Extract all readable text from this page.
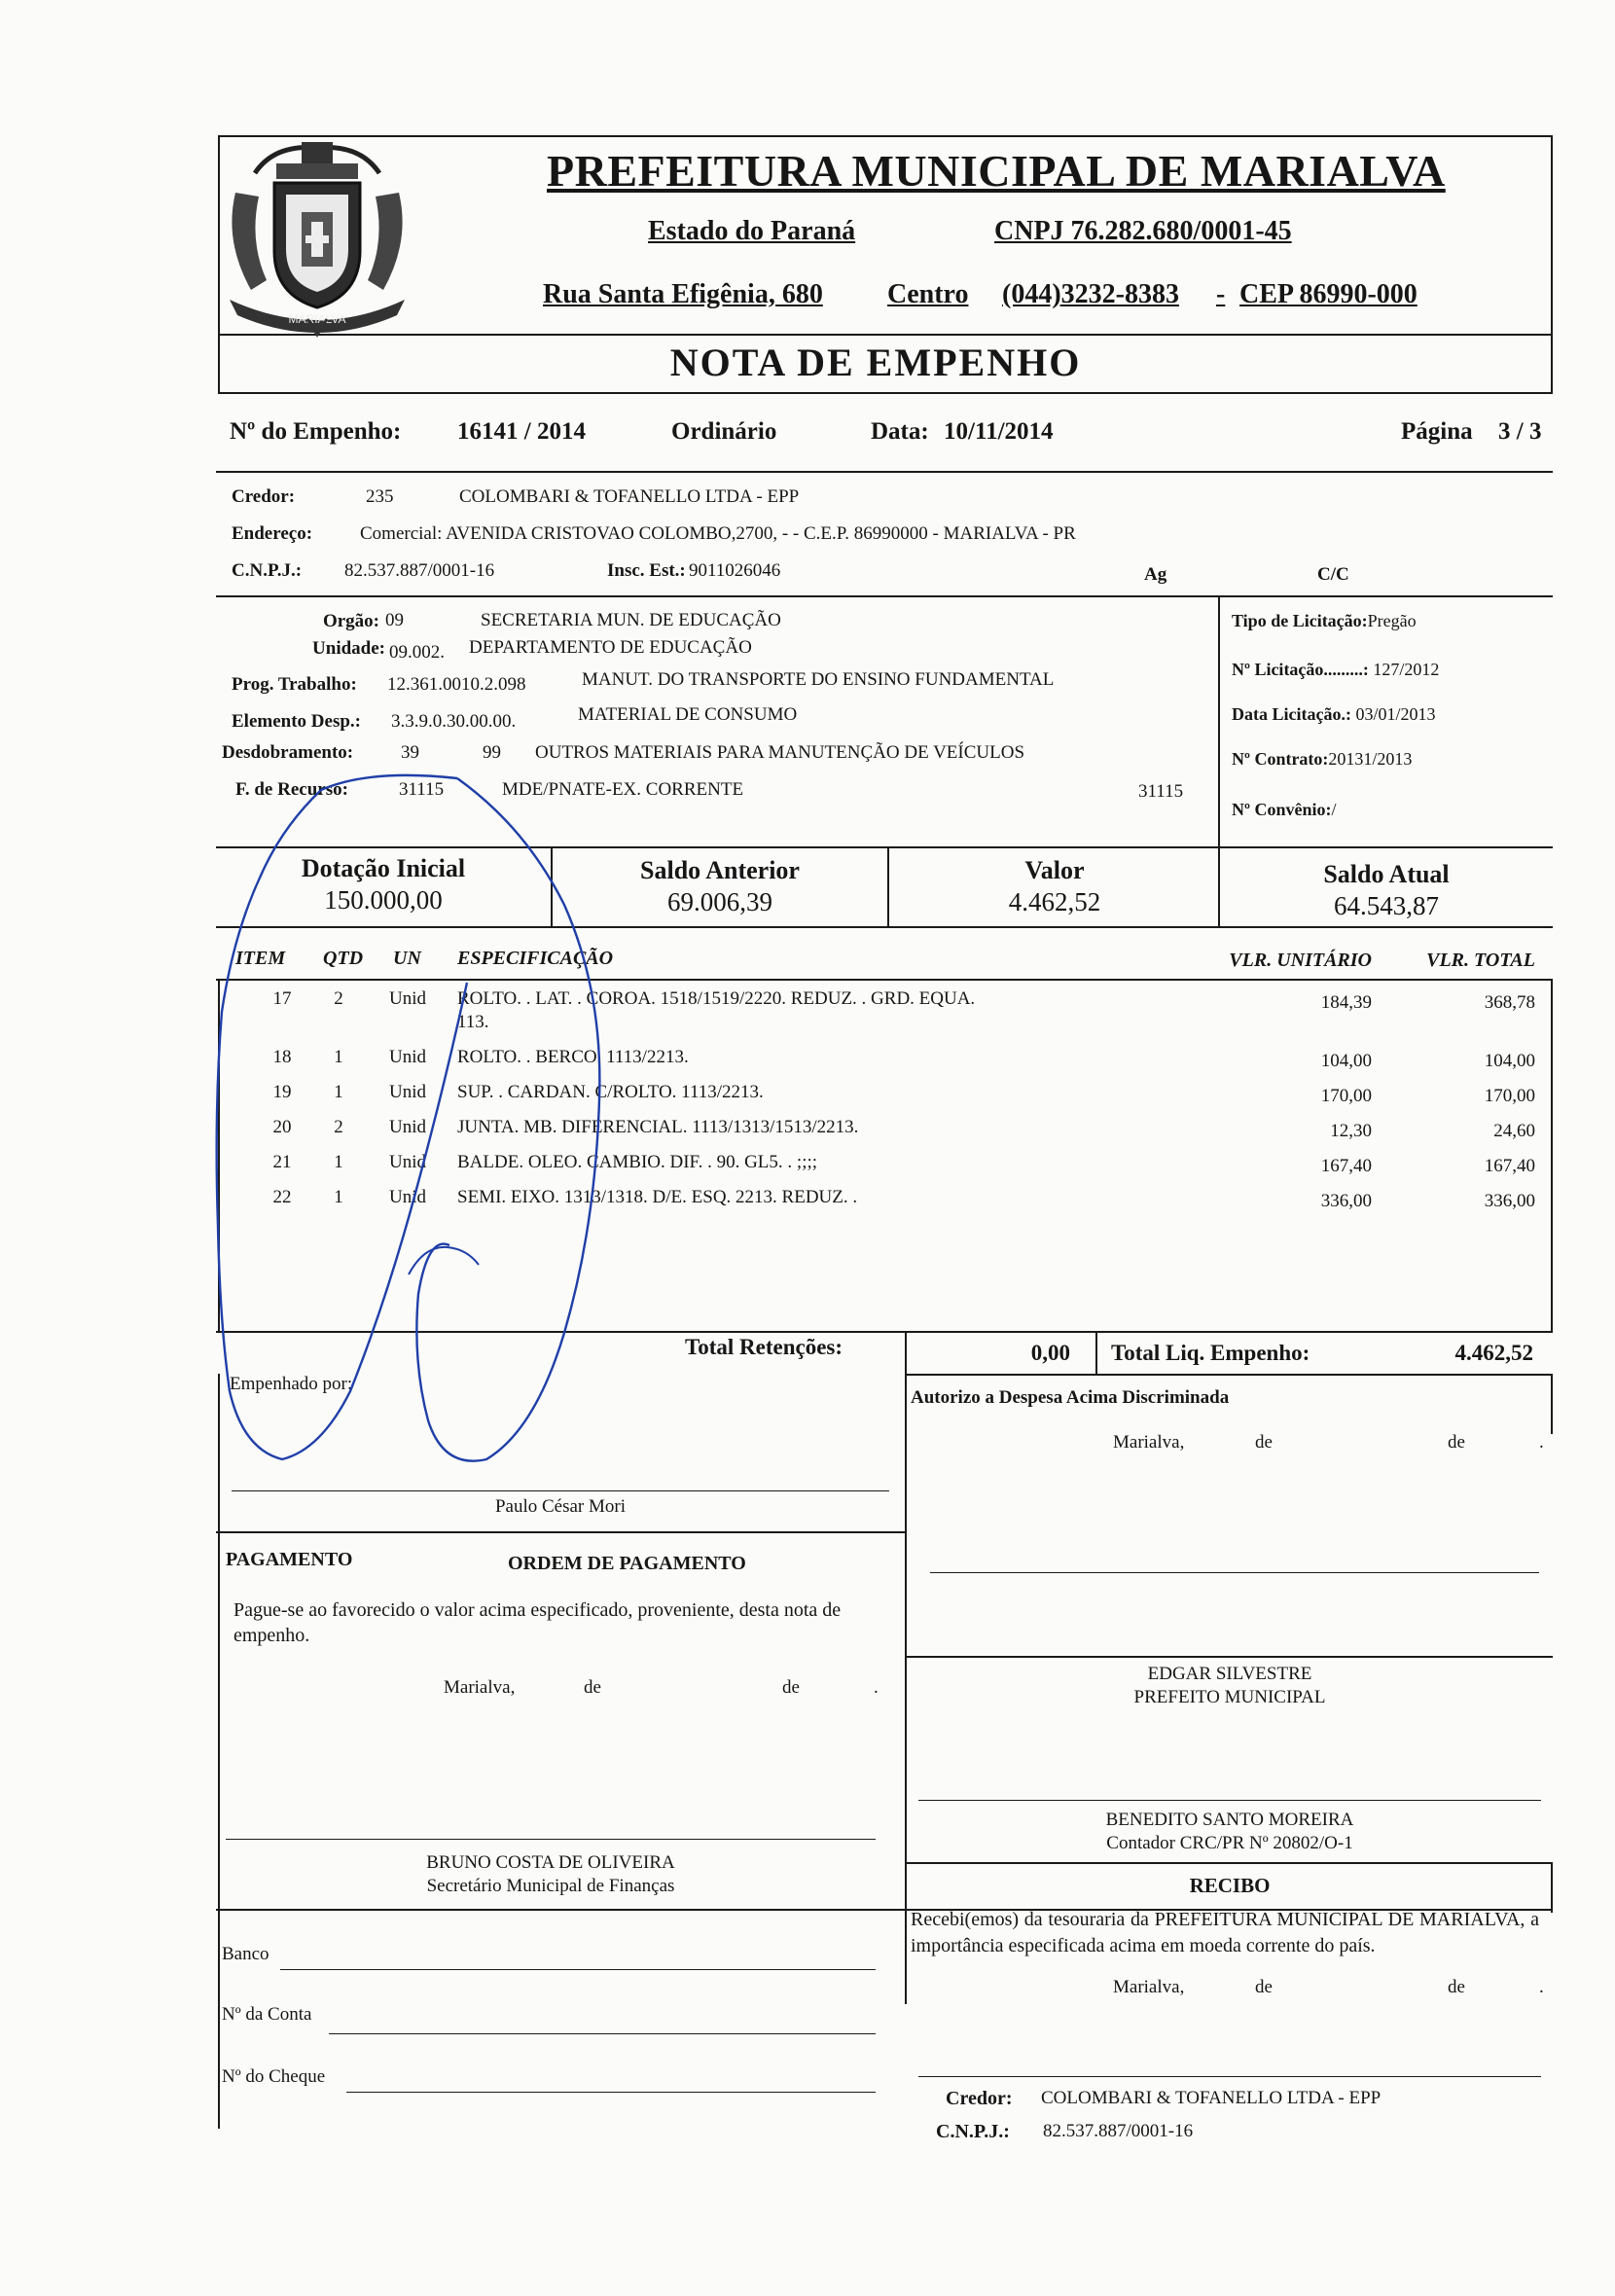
MARIALVA
PREFEITURA MUNICIPAL DE MARIALVA
Estado do Paraná	CNPJ 76.282.680/0001-45
Rua Santa Efigênia, 680 Centro (044)3232-8383 - CEP 86990-000
NOTA DE EMPENHO
Nº do Empenho: 16141 / 2014	Ordinário	Data: 10/11/2014	Página 3 / 3
Credor:	235	COLOMBARI & TOFANELLO LTDA - EPP
Endereço:	Comercial: AVENIDA CRISTOVAO COLOMBO,2700, - - C.E.P. 86990000 - MARIALVA - PR
C.N.P.J.: 82.537.887/0001-16	Insc. Est.: 9011026046	Ag	C/C
Orgão: 09	SECRETARIA MUN. DE EDUCAÇÃO
Unidade: 09.002. DEPARTAMENTO DE EDUCAÇÃO
Prog. Trabalho: 12.361.0010.2.098	MANUT. DO TRANSPORTE DO ENSINO FUNDAMENTAL
Elemento Desp.: 3.3.9.0.30.00.00.	MATERIAL DE CONSUMO
Desdobramento:	39	99 OUTROS MATERIAIS PARA MANUTENÇÃO DE VEÍCULOS
F. de Recurso:	31115	MDE/PNATE-EX. CORRENTE	31115
Tipo de Licitação:Pregão
Nº Licitação.........: 127/2012
Data Licitação.: 03/01/2013
Nº Contrato:20131/2013
Nº Convênio:/
Dotação Inicial
150.000,00
Saldo Anterior
69.006,39
Valor
4.462,52
Saldo Atual
64.543,87
ITEM QTD UN ESPECIFICAÇÃO	VLR. UNITÁRIO	VLR. TOTAL
17	2	Unid ROLTO. . LAT. . COROA. 1518/1519/2220. REDUZ. . GRD. EQUA.	184,39	368,78
113.
18	1	Unid ROLTO. . BERCO. 1113/2213.	104,00	104,00
19	1	Unid SUP. . CARDAN. C/ROLTO. 1113/2213.	170,00	170,00
20	2	Unid JUNTA. MB. DIFERENCIAL. 1113/1313/1513/2213.	12,30	24,60
21	1	Unid BALDE. OLEO. CAMBIO. DIF. . 90. GL5. . ;;;;	167,40	167,40
22	1	Unid SEMI. EIXO. 1313/1318. D/E. ESQ. 2213. REDUZ. .	336,00	336,00
Total Retenções:	0,00 Total Liq. Empenho:	4.462,52
Empenhado por:
Paulo César Mori
Autorizo a Despesa Acima Discriminada
Marialva,	de	de	.
PAGAMENTO	ORDEM DE PAGAMENTO
Pague-se ao favorecido o valor acima especificado, proveniente, desta nota de empenho.
Marialva,	de	de	.
EDGAR SILVESTRE
PREFEITO MUNICIPAL
BENEDITO SANTO MOREIRA
Contador CRC/PR Nº 20802/O-1
BRUNO COSTA DE OLIVEIRA
Secretário Municipal de Finanças	RECIBO
Recebi(emos) da tesouraria da PREFEITURA MUNICIPAL DE MARIALVA, a importância especificada acima em moeda corrente do país.
Marialva,	de	de	.
Banco
Nº da Conta
Nº do Cheque
Credor: COLOMBARI & TOFANELLO LTDA - EPP
C.N.P.J.: 82.537.887/0001-16
